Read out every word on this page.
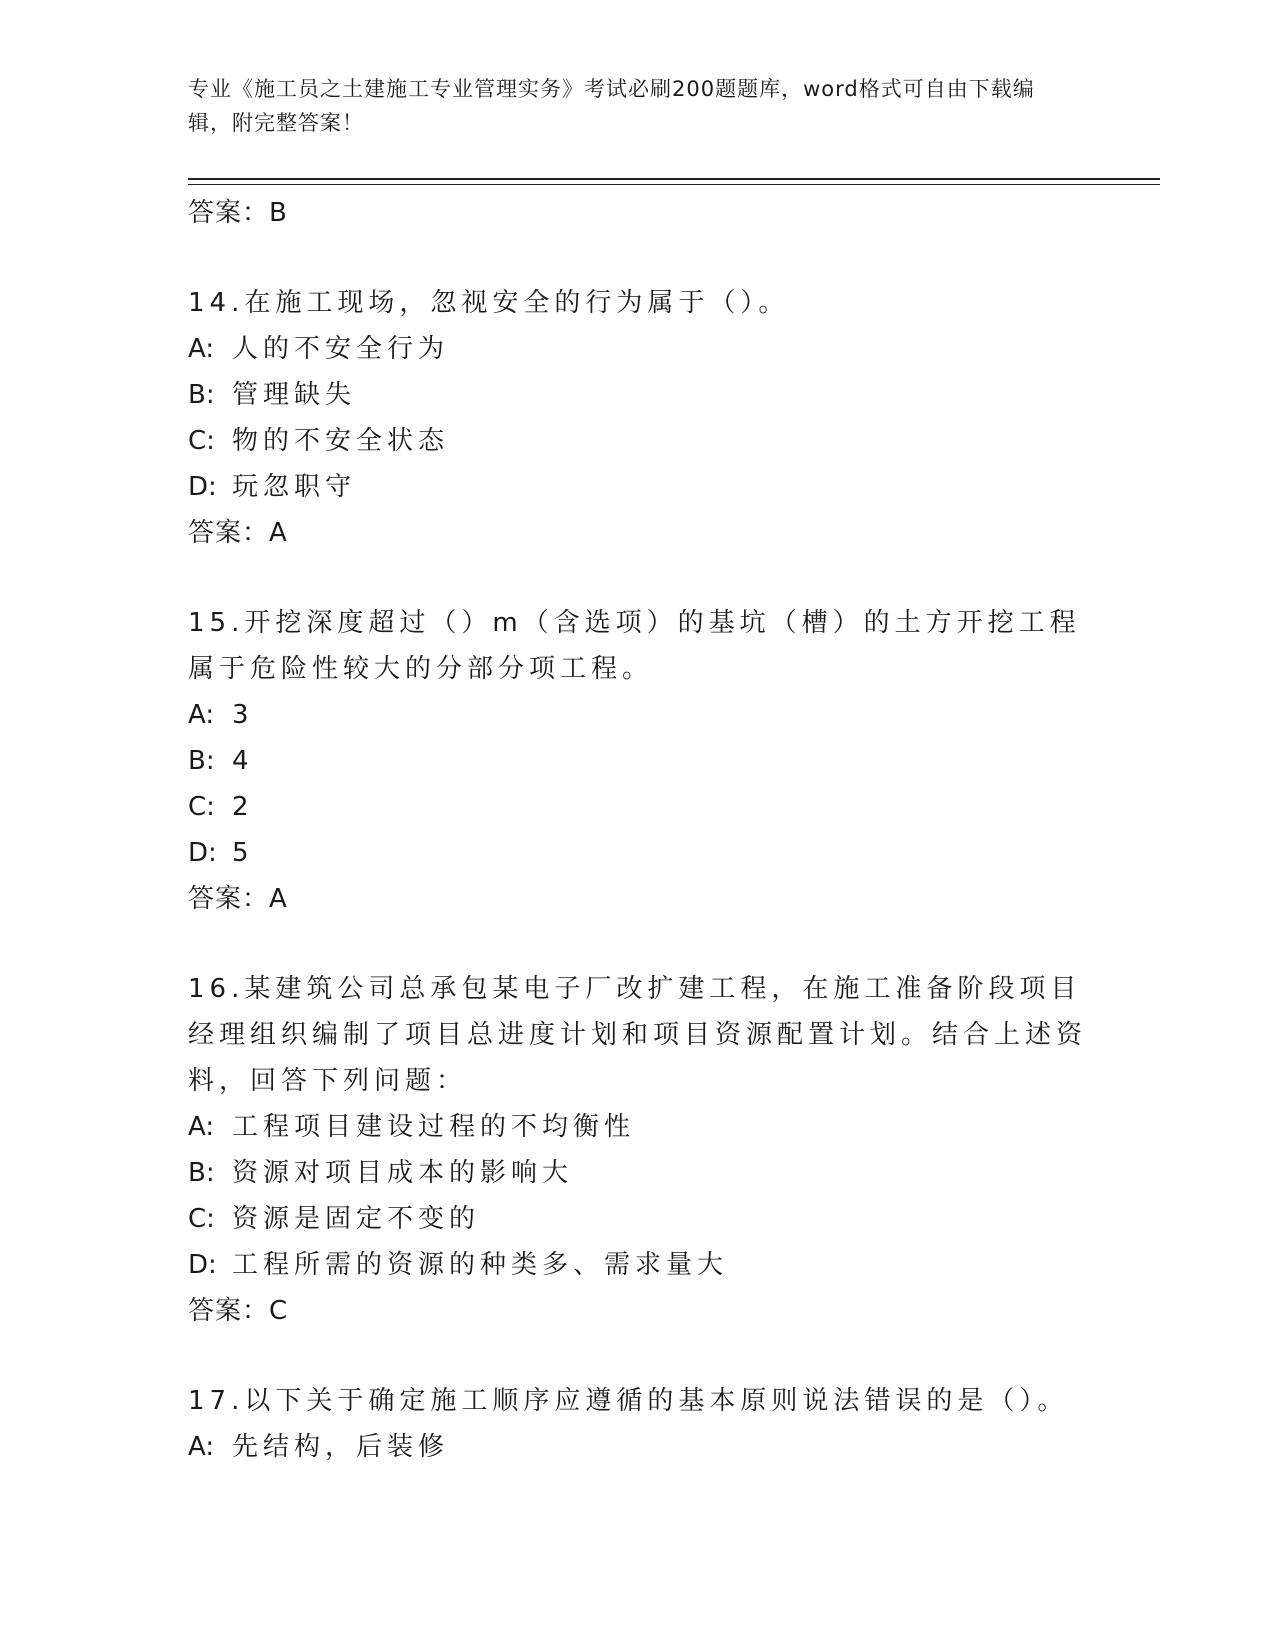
专业《施工员之土建施工专业管理实务》考试必刷200题题库，word格式可自由下载编辑，附完整答案！
答案：B
14.在施工现场，忽视安全的行为属于（）。
A: 人的不安全行为
B: 管理缺失
C: 物的不安全状态
D: 玩忽职守
答案：A
15.开挖深度超过（）m（含选项）的基坑（槽）的土方开挖工程属于危险性较大的分部分项工程。
A: 3
B: 4
C: 2
D: 5
答案：A
16.某建筑公司总承包某电子厂改扩建工程，在施工准备阶段项目经理组织编制了项目总进度计划和项目资源配置计划。结合上述资料，回答下列问题：
A: 工程项目建设过程的不均衡性
B: 资源对项目成本的影响大
C: 资源是固定不变的
D: 工程所需的资源的种类多、需求量大
答案：C
17.以下关于确定施工顺序应遵循的基本原则说法错误的是（）。
A: 先结构，后装修
